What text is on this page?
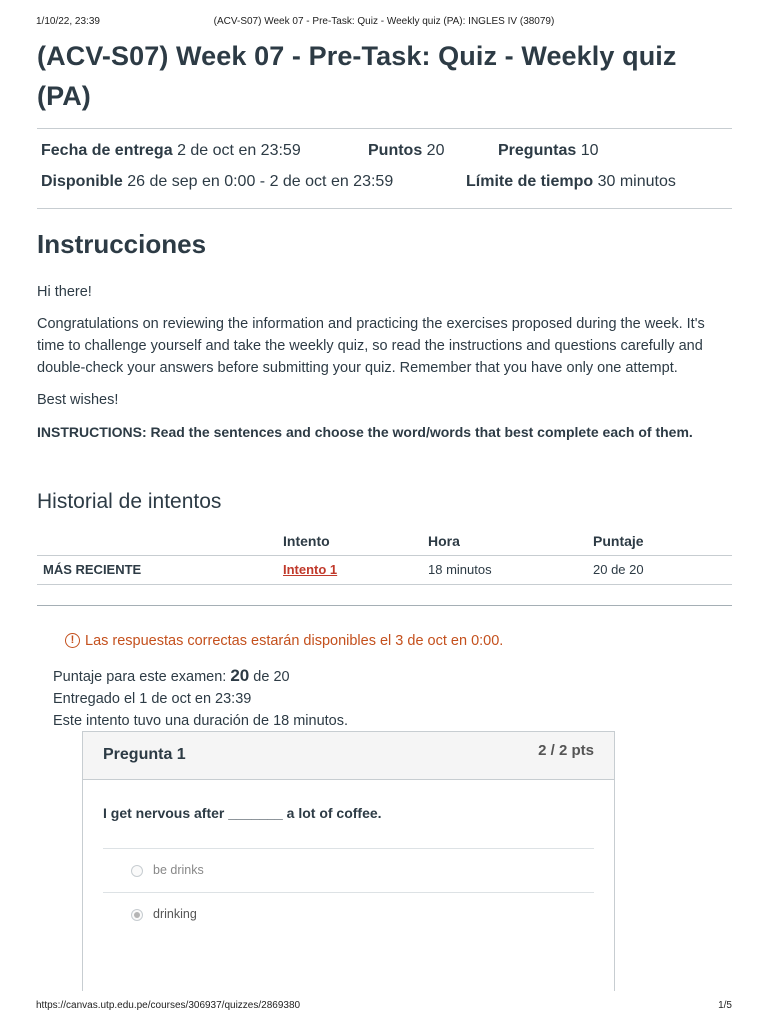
1/10/22, 23:39	(ACV-S07) Week 07 - Pre-Task: Quiz - Weekly quiz (PA): INGLES IV (38079)
(ACV-S07) Week 07 - Pre-Task: Quiz - Weekly quiz (PA)
Fecha de entrega 2 de oct en 23:59	Puntos 20	Preguntas 10
Disponible 26 de sep en 0:00 - 2 de oct en 23:59	Límite de tiempo 30 minutos
Instrucciones

Hi there!

Congratulations on reviewing the information and practicing the exercises proposed during the week. It's time to challenge yourself and take the weekly quiz, so read the instructions and questions carefully and double-check your answers before submitting your quiz. Remember that you have only one attempt.

Best wishes!

INSTRUCTIONS: Read the sentences and choose the word/words that best complete each of them.

Historial de intentos
	Intento	Hora	Puntaje
MÁS RECIENTE	Intento 1	18 minutos	20 de 20
! Las respuestas correctas estarán disponibles el 3 de oct en 0:00.
Puntaje para este examen: 20 de 20
Entregado el 1 de oct en 23:39
Este intento tuvo una duración de 18 minutos.
Pregunta 1	2 / 2 pts
I get nervous after _______ a lot of coffee.
be drinks
drinking
https://canvas.utp.edu.pe/courses/306937/quizzes/2869380	1/5
